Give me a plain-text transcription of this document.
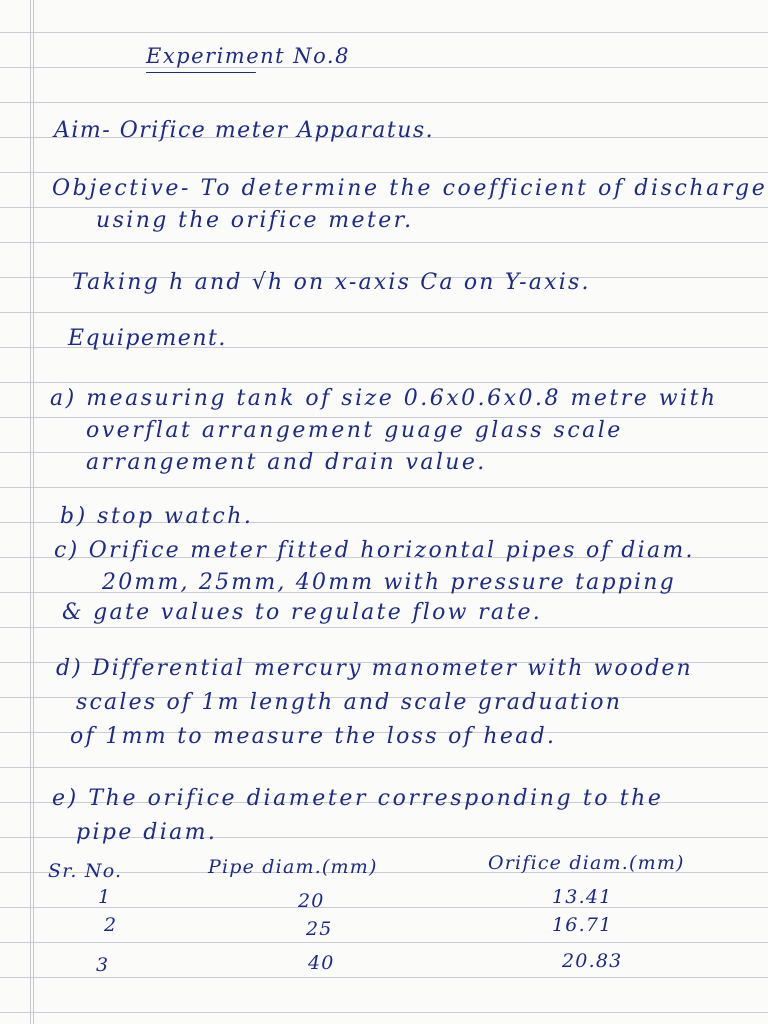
Experiment No.8
Aim- Orifice meter Apparatus.
Objective- To determine the coefficient of discharge
using the orifice meter.
Taking h and √h on x-axis Ca on Y-axis.
Equipement.
a) measuring tank of size 0.6x0.6x0.8 metre with
overflat arrangement guage glass scale
arrangement and drain value.
b) stop watch.
c) Orifice meter fitted horizontal pipes of diam.
20mm, 25mm, 40mm with pressure tapping
& gate values to regulate flow rate.
d) Differential mercury manometer with wooden
scales of 1m length and scale graduation
of 1mm to measure the loss of head.
e) The orifice diameter corresponding to the
pipe diam.
Sr. No.	Pipe diam.(mm)	Orifice diam.(mm)
1	20	13.41
2	25	16.71
3	40	20.83
